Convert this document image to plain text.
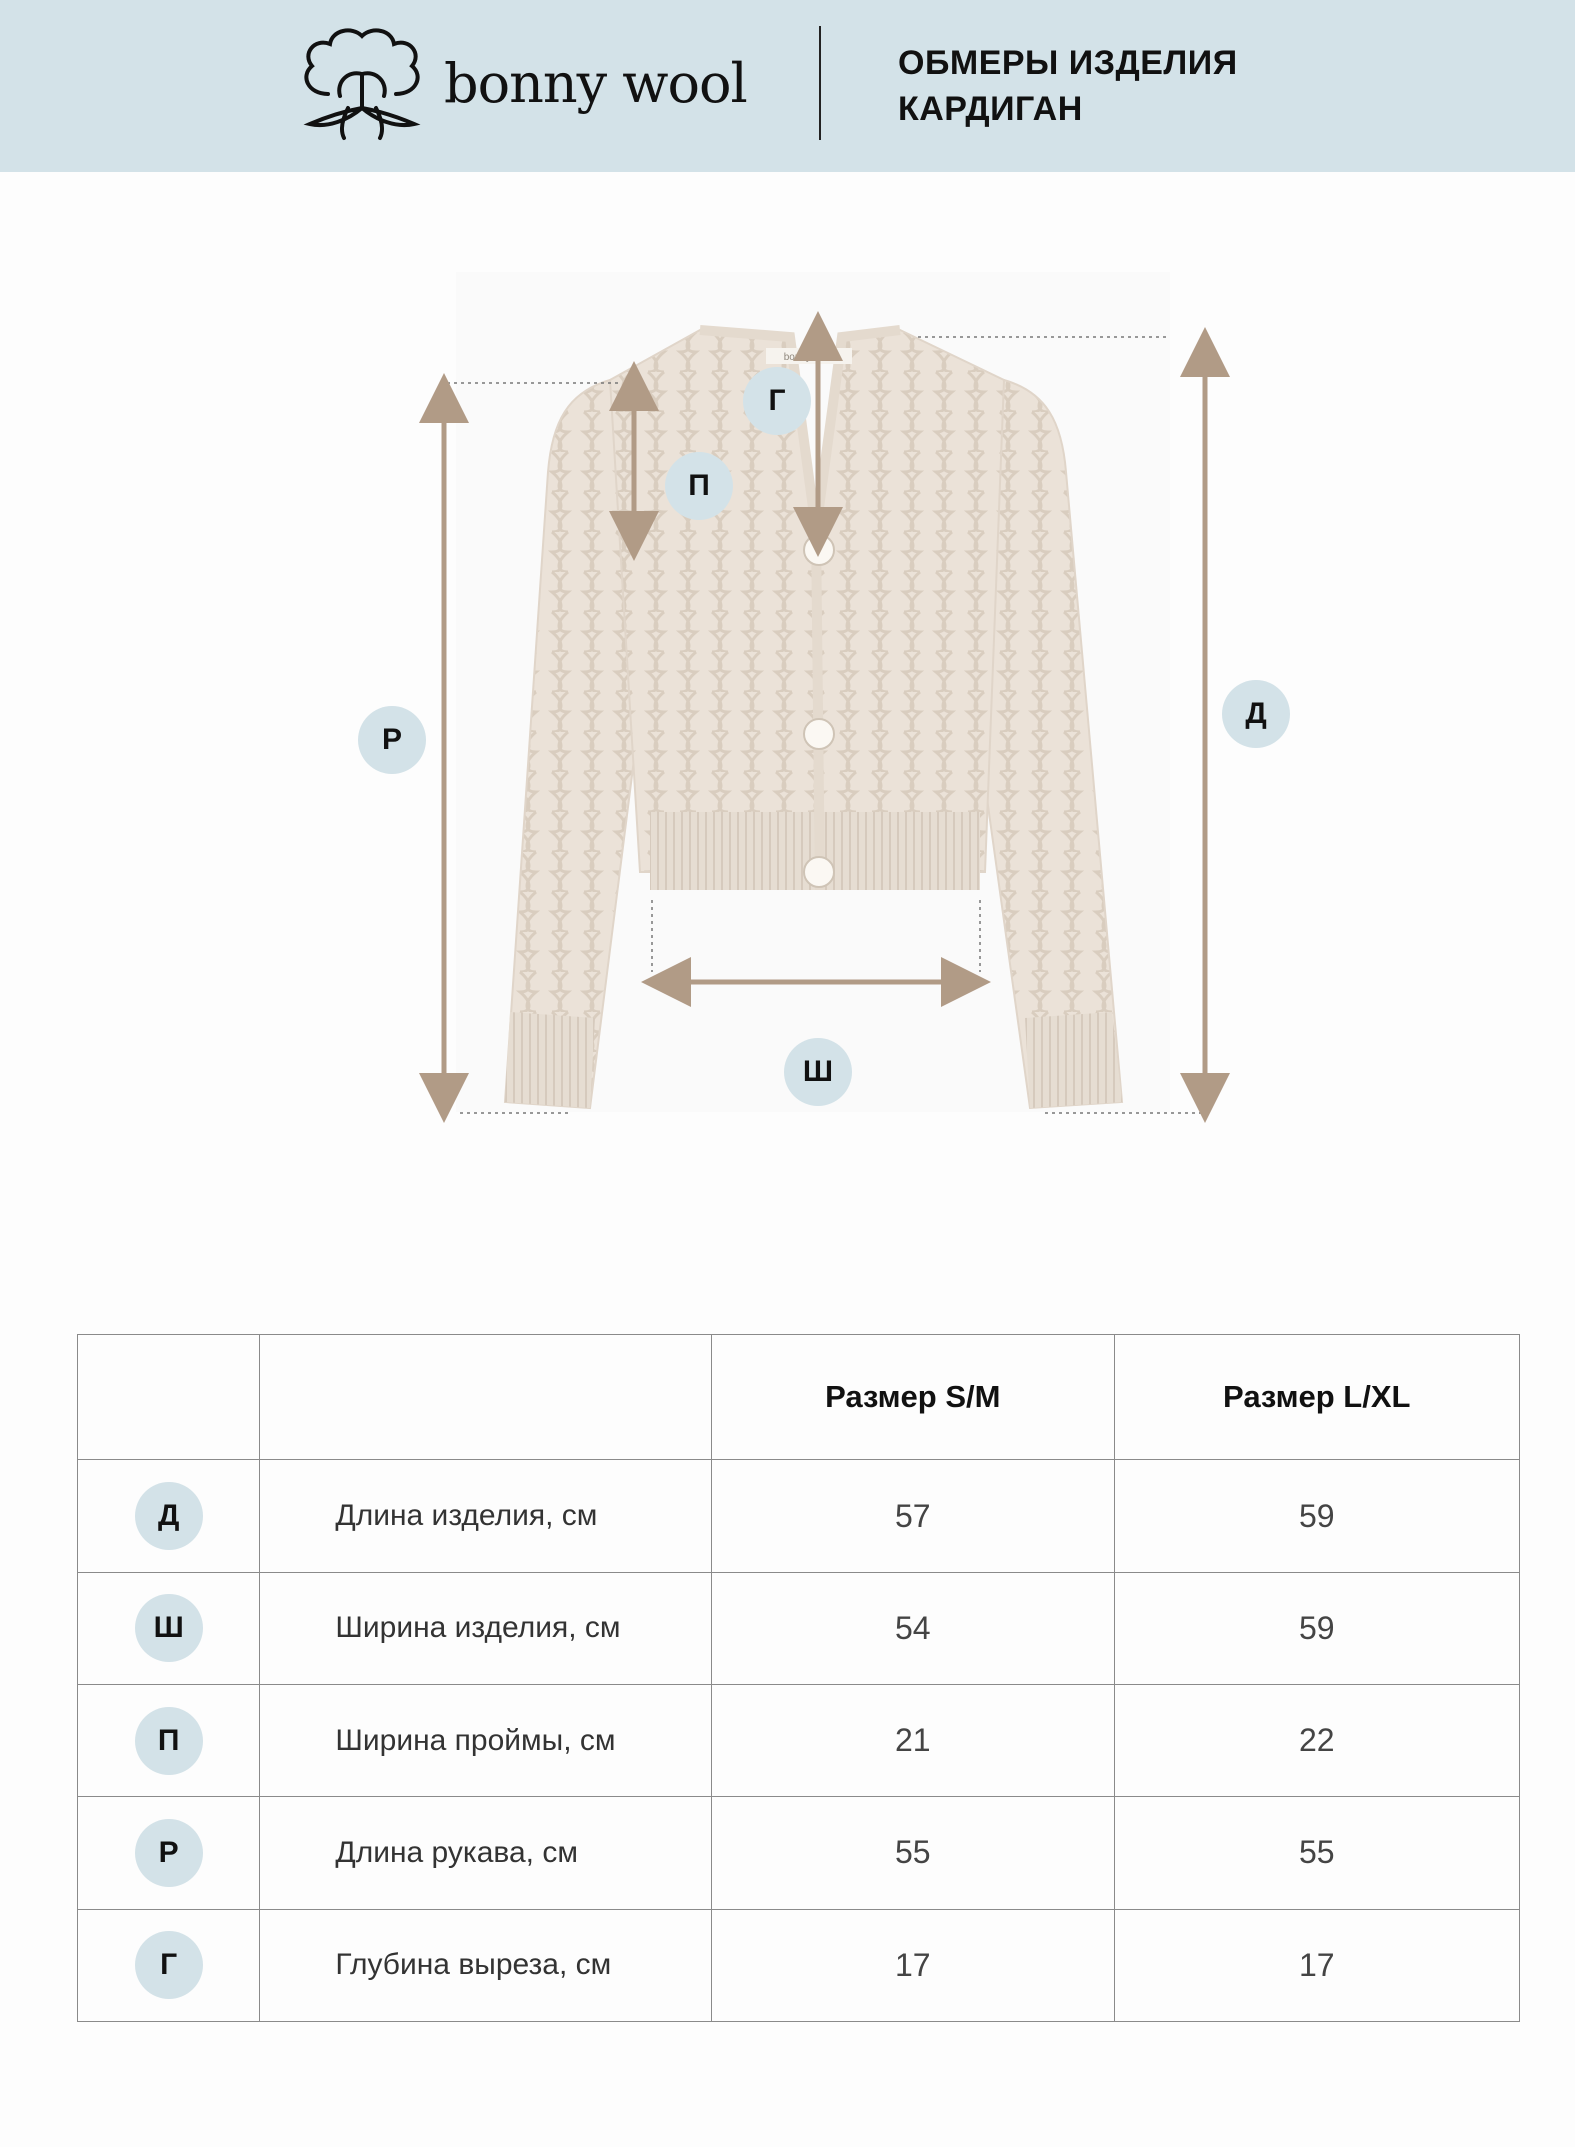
bonny wool	ОБМЕРЫ ИЗДЕЛИЯ
КАРДИГАН
bonny wool
Г
П
Р
Д
Ш
		Размер S/M	Размер L/XL

Д	Длина изделия, см	57	59

Ш	Ширина изделия, см	54	59

П	Ширина проймы, см	21	22

Р	Длина рукава, см	55	55

Г	Глубина выреза, см	17	17
